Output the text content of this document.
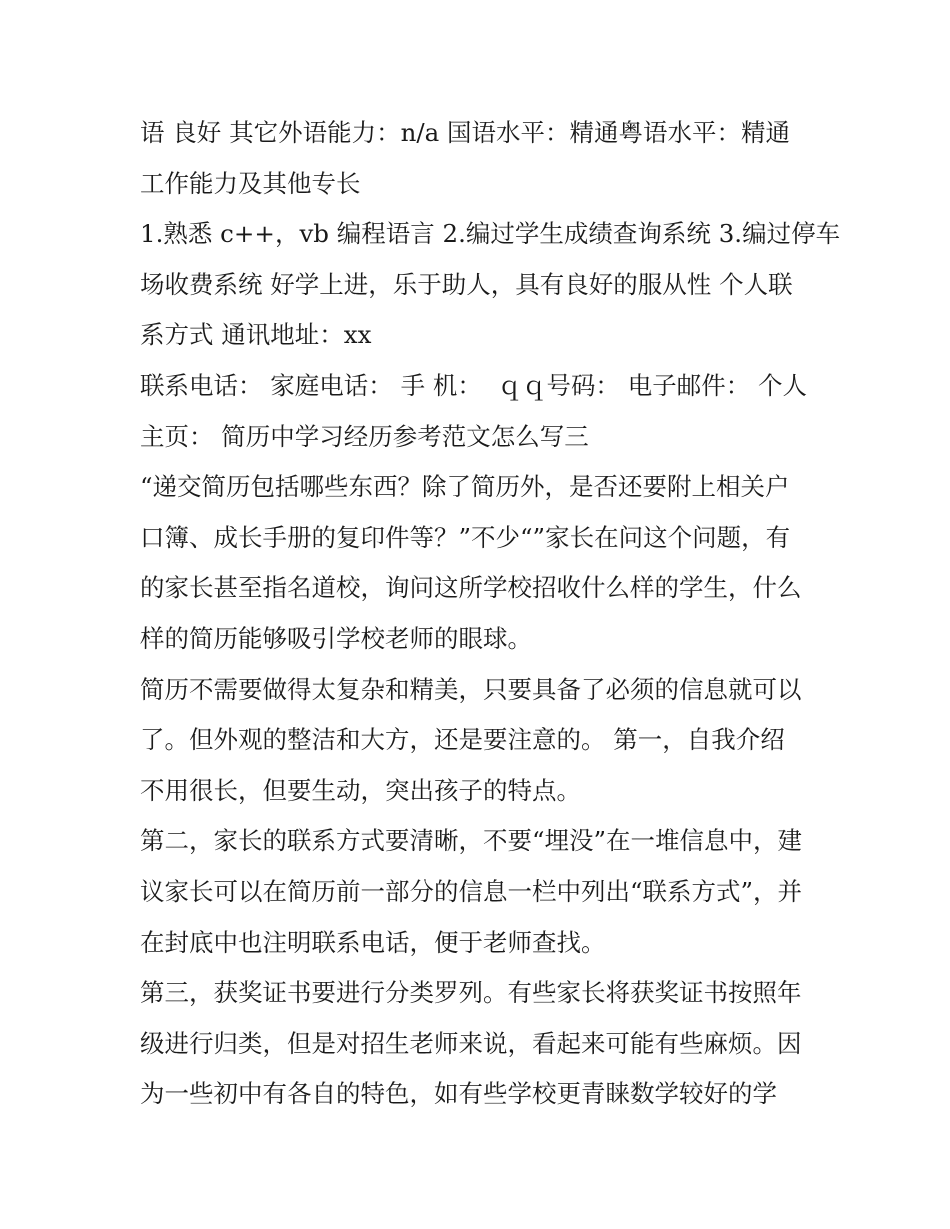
语 良好 其它外语能力：n/a 国语水平：精通粤语水平：精通

工作能力及其他专长

1.熟悉 c++，vb 编程语言 2.编过学生成绩查询系统 3.编过停车

场收费系统 好学上进，乐于助人，具有良好的服从性 个人联

系方式 通讯地址：xx

联系电话： 家庭电话： 手 机：  ｑｑ号码： 电子邮件： 个人

主页： 简历中学习经历参考范文怎么写三

“递交简历包括哪些东西？除了简历外，是否还要附上相关户

口簿、成长手册的复印件等？”不少“”家长在问这个问题，有

的家长甚至指名道校，询问这所学校招收什么样的学生，什么

样的简历能够吸引学校老师的眼球。

简历不需要做得太复杂和精美，只要具备了必须的信息就可以

了。但外观的整洁和大方，还是要注意的。 第一，自我介绍

不用很长，但要生动，突出孩子的特点。

第二，家长的联系方式要清晰，不要“埋没”在一堆信息中，建

议家长可以在简历前一部分的信息一栏中列出“联系方式”，并

在封底中也注明联系电话，便于老师查找。

第三，获奖证书要进行分类罗列。有些家长将获奖证书按照年

级进行归类，但是对招生老师来说，看起来可能有些麻烦。因

为一些初中有各自的特色，如有些学校更青睐数学较好的学
